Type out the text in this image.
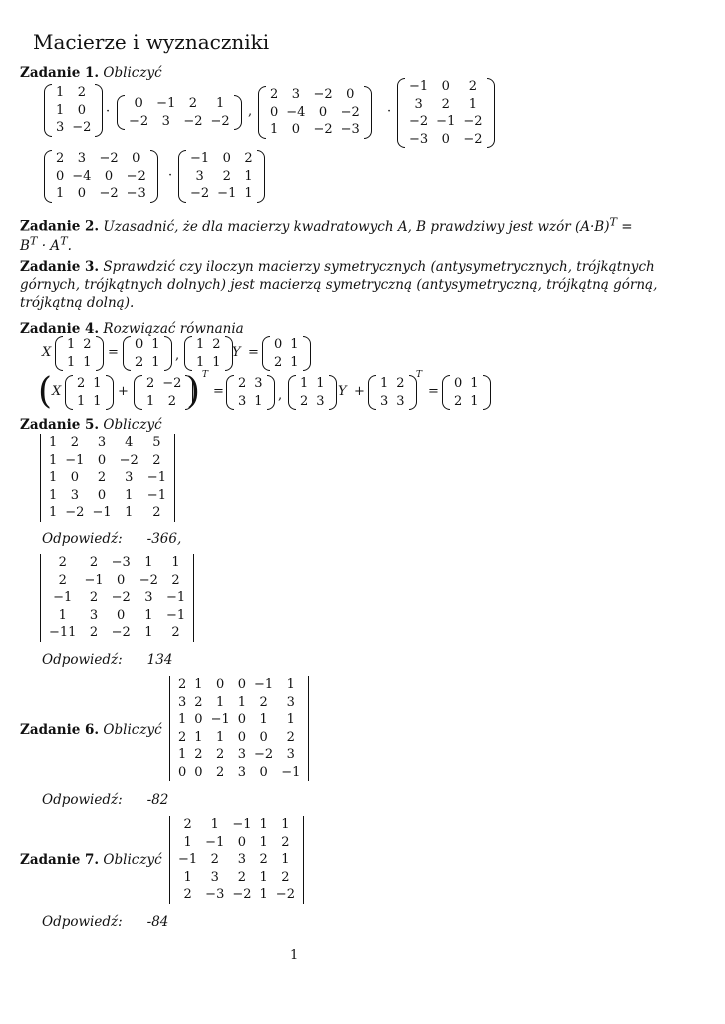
Macierze i wyznaczniki
Zadanie 1. Obliczyć
1	2
1	0
3	−2
·
0	−1	2	1
−2	3	−2	−2
,
2	3	−2	0
0	−4	0	−2
1	0	−2	−3
·
−1	0	2
3	2	1
−2	−1	−2
−3	0	−2
2	3	−2	0
0	−4	0	−2
1	0	−2	−3
·
−1	0	2
3	2	1
−2	−1	1
Zadanie 2. Uzasadnić, że dla macierzy kwadratowych A, B prawdziwy jest wzór $(A\cdot B)^T$ =
$B^T \cdot A^T$.
Zadanie 3. Sprawdzić czy iloczyn macierzy symetrycznych (antysymetrycznych, trójkątnych
górnych, trójkątnych dolnych) jest macierzą symetryczną (antysymetryczną, trójkątną górną,
trójkątną dolną).
Zadanie 4. Rozwiązać równania
X
1	2
1	1
=
0	1
2	1 ,
1	2
1	1
Y =
0	1
2	1
( X
2	1
1	1
+
2	−2
1	2 ) T
=
2	3
3	1 ,
1	1
2	3
Y +
1	2
3	3
T
=
0	1
2	1
Zadanie 5. Obliczyć
1	2	3	4	5
1	−1	0	−2	2
1	0	2	3	−1
1	3	0	1	−1
1	−2	−1	1	2
Odpowiedź: -366,
2	2	−3	1	1
2	−1	0	−2	2
−1	2	−2	3	−1
1	3	0	1	−1
−11	2	−2	1	2
Odpowiedź: 134
Zadanie 6. Obliczyć
2	1	0	0	−1	1
3	2	1	1	2	3
1	0	−1	0	1	1
2	1	1	0	0	2
1	2	2	3	−2	3
0	0	2	3	0	−1
Odpowiedź: -82
Zadanie 7. Obliczyć
2	1	−1	1	1
1	−1	0	1	2
−1	2	3	2	1
1	3	2	1	2
2	−3	−2	1	−2
Odpowiedź: -84
1
